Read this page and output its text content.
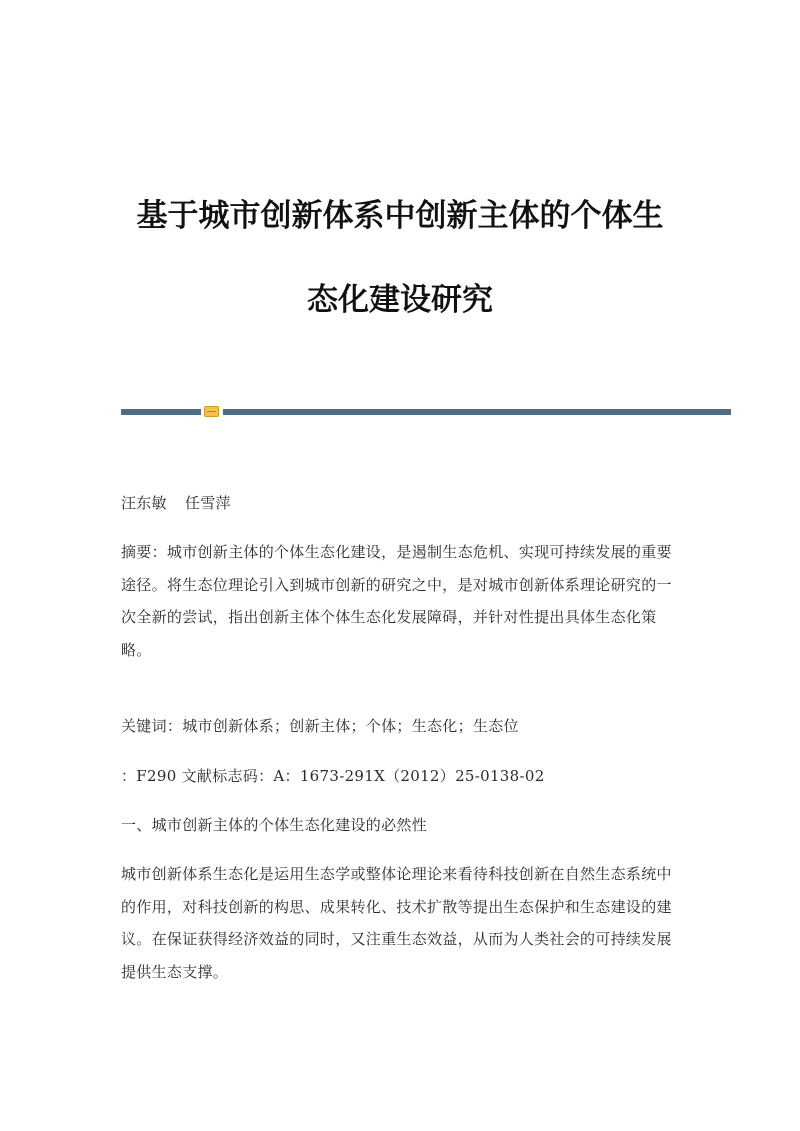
基于城市创新体系中创新主体的个体生
态化建设研究
汪东敏 任雪萍
摘要：城市创新主体的个体生态化建设，是遏制生态危机、实现可持续发展的重要途径。将生态位理论引入到城市创新的研究之中，是对城市创新体系理论研究的一次全新的尝试，指出创新主体个体生态化发展障碍，并针对性提出具体生态化策略。
关键词：城市创新体系；创新主体；个体；生态化；生态位
：F290 文献标志码：A：1673-291X（2012）25-0138-02
一、城市创新主体的个体生态化建设的必然性
城市创新体系生态化是运用生态学或整体论理论来看待科技创新在自然生态系统中的作用，对科技创新的构思、成果转化、技术扩散等提出生态保护和生态建设的建议。在保证获得经济效益的同时，又注重生态效益，从而为人类社会的可持续发展提供生态支撑。
